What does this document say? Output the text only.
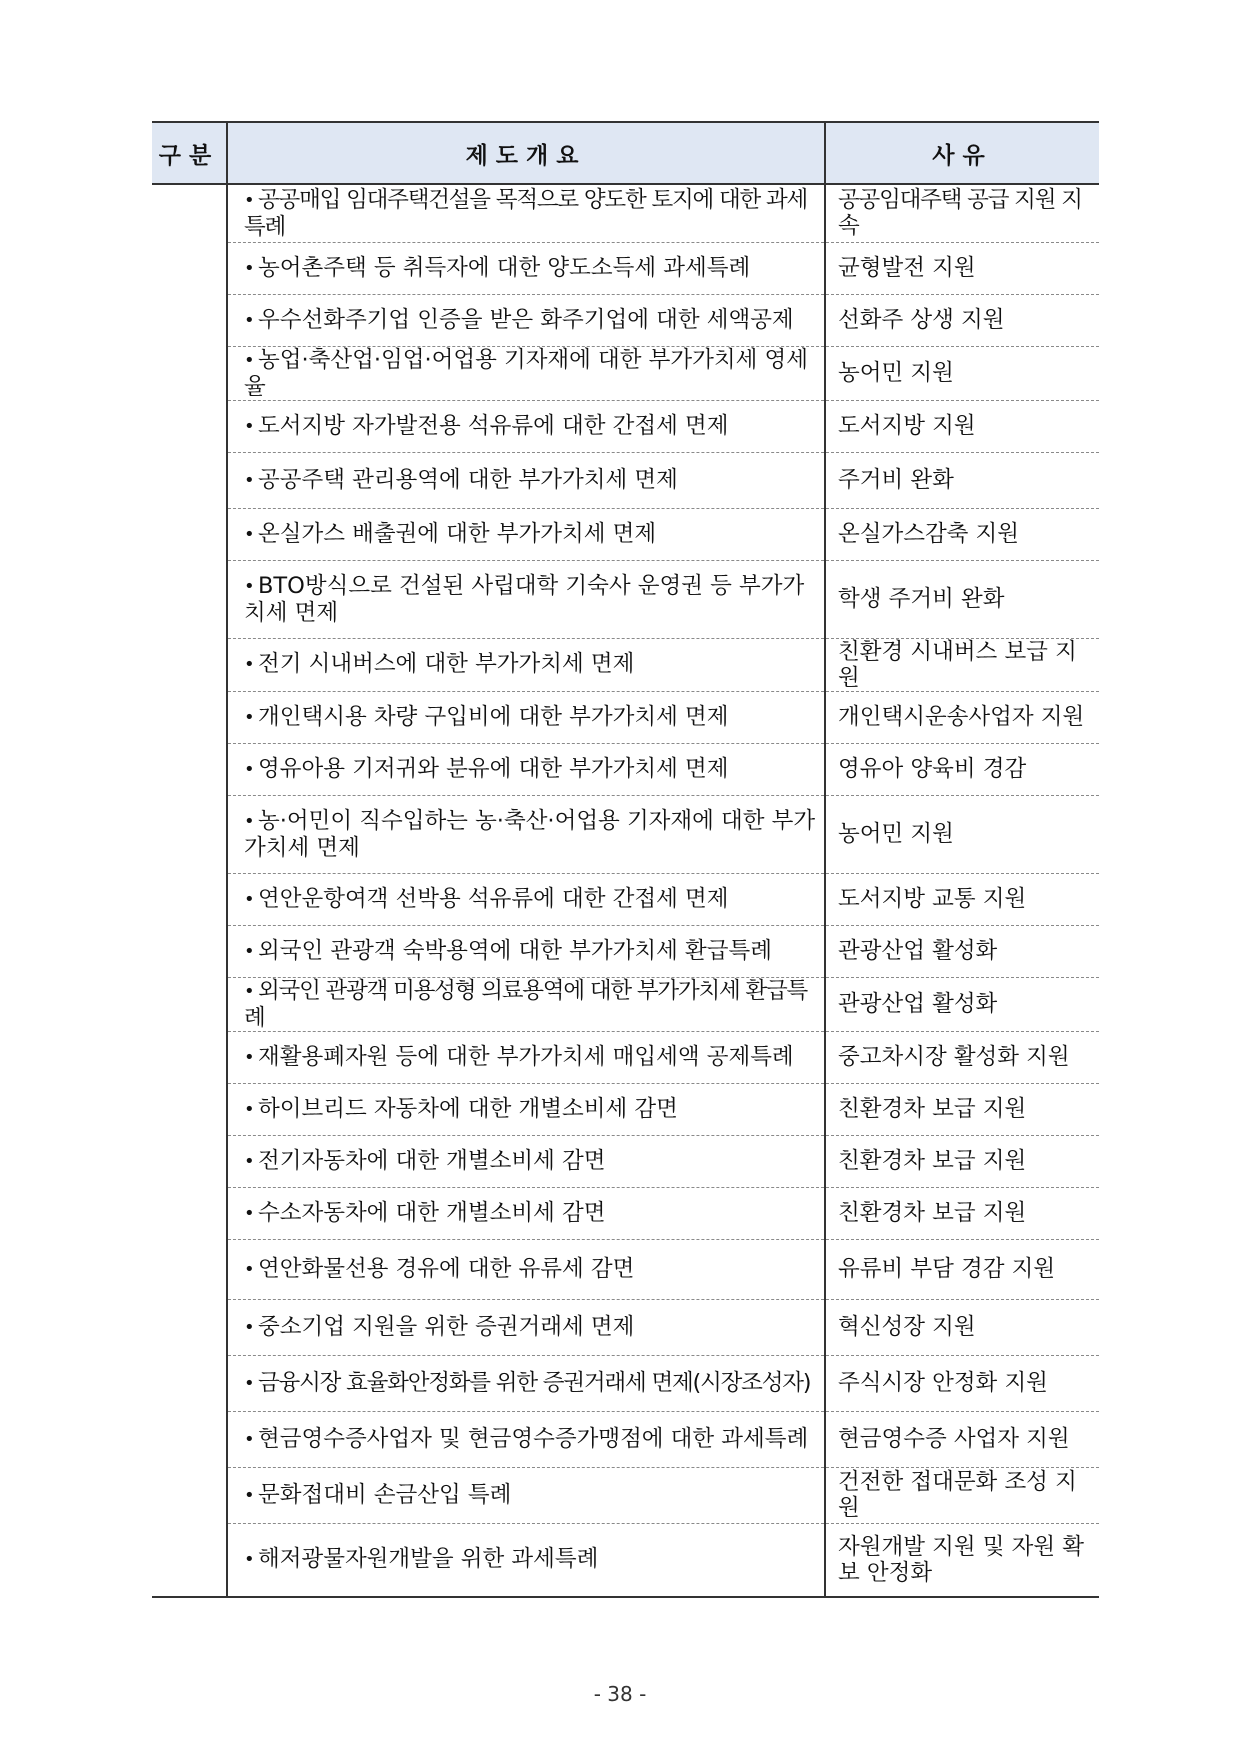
구분	제도개요	사유
	• 공공매입 임대주택건설을 목적으로 양도한 토지에 대한 과세특례	공공임대주택 공급 지원 지속
	• 농어촌주택 등 취득자에 대한 양도소득세 과세특례	균형발전 지원
	• 우수선화주기업 인증을 받은 화주기업에 대한 세액공제	선화주 상생 지원
	• 농업·축산업·임업·어업용 기자재에 대한 부가가치세 영세율	농어민 지원
	• 도서지방 자가발전용 석유류에 대한 간접세 면제	도서지방 지원
	• 공공주택 관리용역에 대한 부가가치세 면제	주거비 완화
	• 온실가스 배출권에 대한 부가가치세 면제	온실가스감축 지원
	• BTO방식으로 건설된 사립대학 기숙사 운영권 등 부가가치세 면제	학생 주거비 완화
	• 전기 시내버스에 대한 부가가치세 면제	친환경 시내버스 보급 지원
	• 개인택시용 차량 구입비에 대한 부가가치세 면제	개인택시운송사업자 지원
	• 영유아용 기저귀와 분유에 대한 부가가치세 면제	영유아 양육비 경감
	• 농·어민이 직수입하는 농·축산·어업용 기자재에 대한 부가가치세 면제	농어민 지원
	• 연안운항여객 선박용 석유류에 대한 간접세 면제	도서지방 교통 지원
	• 외국인 관광객 숙박용역에 대한 부가가치세 환급특례	관광산업 활성화
	• 외국인 관광객 미용성형 의료용역에 대한 부가가치세 환급특례	관광산업 활성화
	• 재활용폐자원 등에 대한 부가가치세 매입세액 공제특례	중고차시장 활성화 지원
	• 하이브리드 자동차에 대한 개별소비세 감면	친환경차 보급 지원
	• 전기자동차에 대한 개별소비세 감면	친환경차 보급 지원
	• 수소자동차에 대한 개별소비세 감면	친환경차 보급 지원
	• 연안화물선용 경유에 대한 유류세 감면	유류비 부담 경감 지원
	• 중소기업 지원을 위한 증권거래세 면제	혁신성장 지원
	• 금융시장 효율화안정화를 위한 증권거래세 면제(시장조성자)	주식시장 안정화 지원
	• 현금영수증사업자 및 현금영수증가맹점에 대한 과세특례	현금영수증 사업자 지원
	• 문화접대비 손금산입 특례	건전한 접대문화 조성 지원
	• 해저광물자원개발을 위한 과세특례	자원개발 지원 및 자원 확보 안정화
- 38 -
